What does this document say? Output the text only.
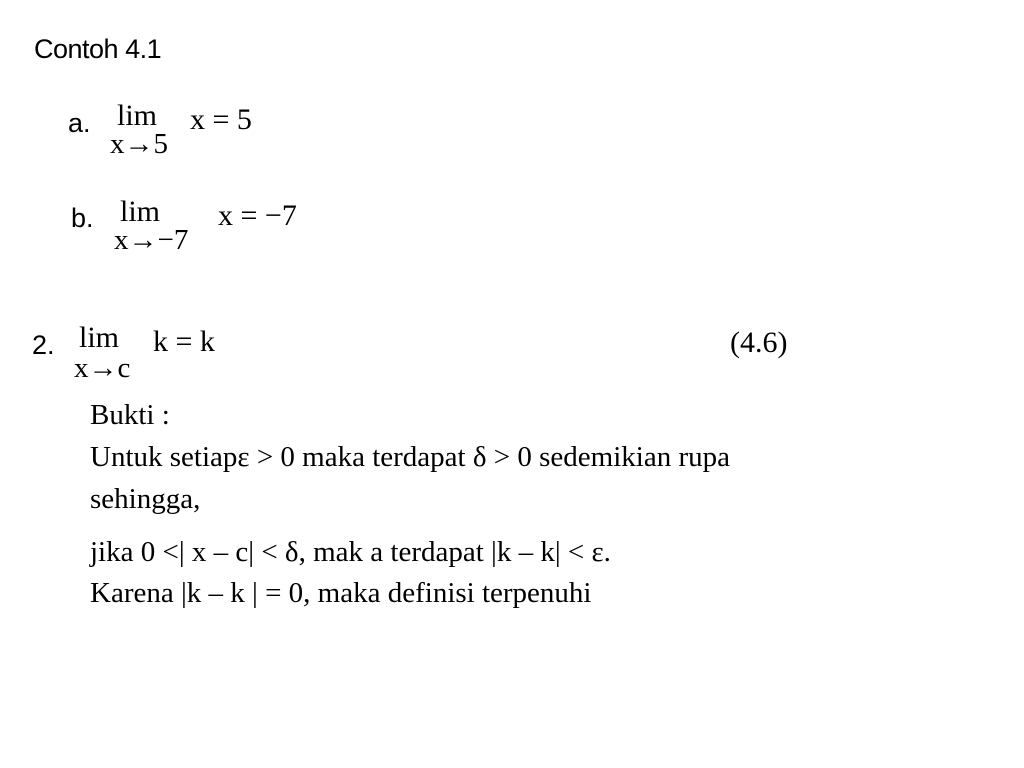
Contoh 4.1
a. lim
x→5
x = 5
b. lim
x→−7
x = −7
2. lim
x→c
k = k	(4.6)
Bukti :
Untuk setiapε > 0 maka terdapat δ > 0 sedemikian rupa
sehingga,
jika 0 <| x – c| < δ, mak a terdapat |k – k| < ε.
Karena |k – k | = 0, maka definisi terpenuhi
